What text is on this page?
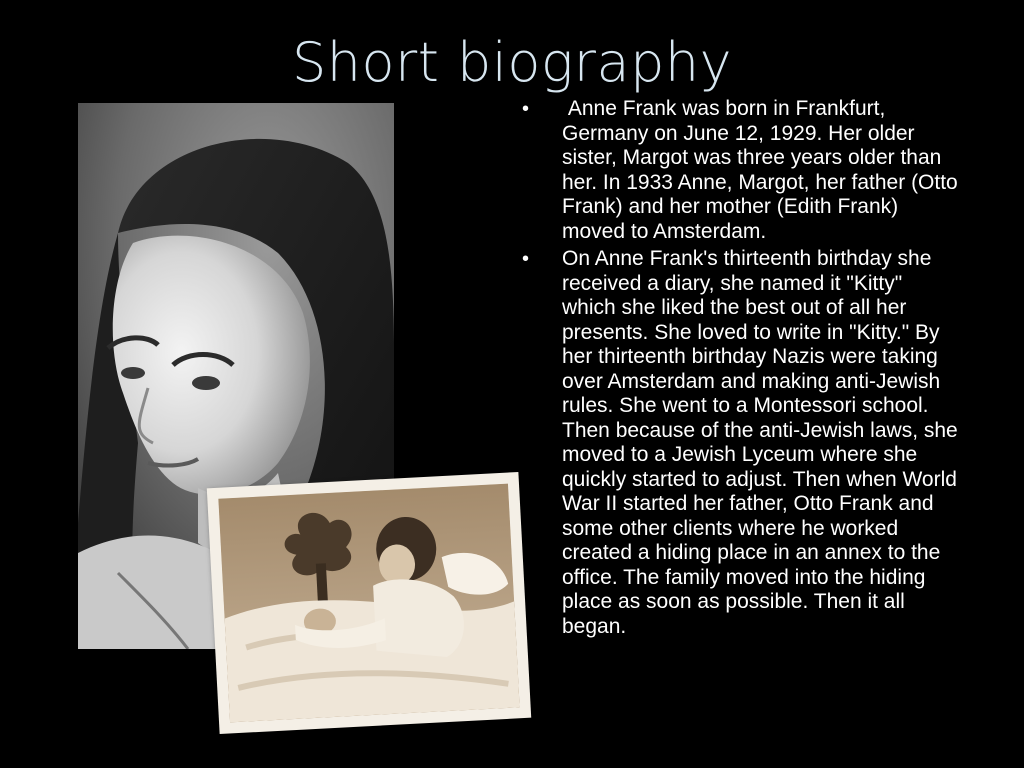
Short biography
• Anne Frank was born in Frankfurt, Germany on June 12, 1929. Her older sister, Margot was three years older than her. In 1933 Anne, Margot, her father (Otto Frank) and her mother (Edith Frank) moved to Amsterdam.
• On Anne Frank's thirteenth birthday she received a diary, she named it "Kitty" which she liked the best out of all her presents. She loved to write in "Kitty." By her thirteenth birthday Nazis were taking over Amsterdam and making anti-Jewish rules. She went to a Montessori school. Then because of the anti-Jewish laws, she moved to a Jewish Lyceum where she quickly started to adjust. Then when World War II started her father, Otto Frank and some other clients where he worked created a hiding place in an annex to the office. The family moved into the hiding place as soon as possible. Then it all began.
